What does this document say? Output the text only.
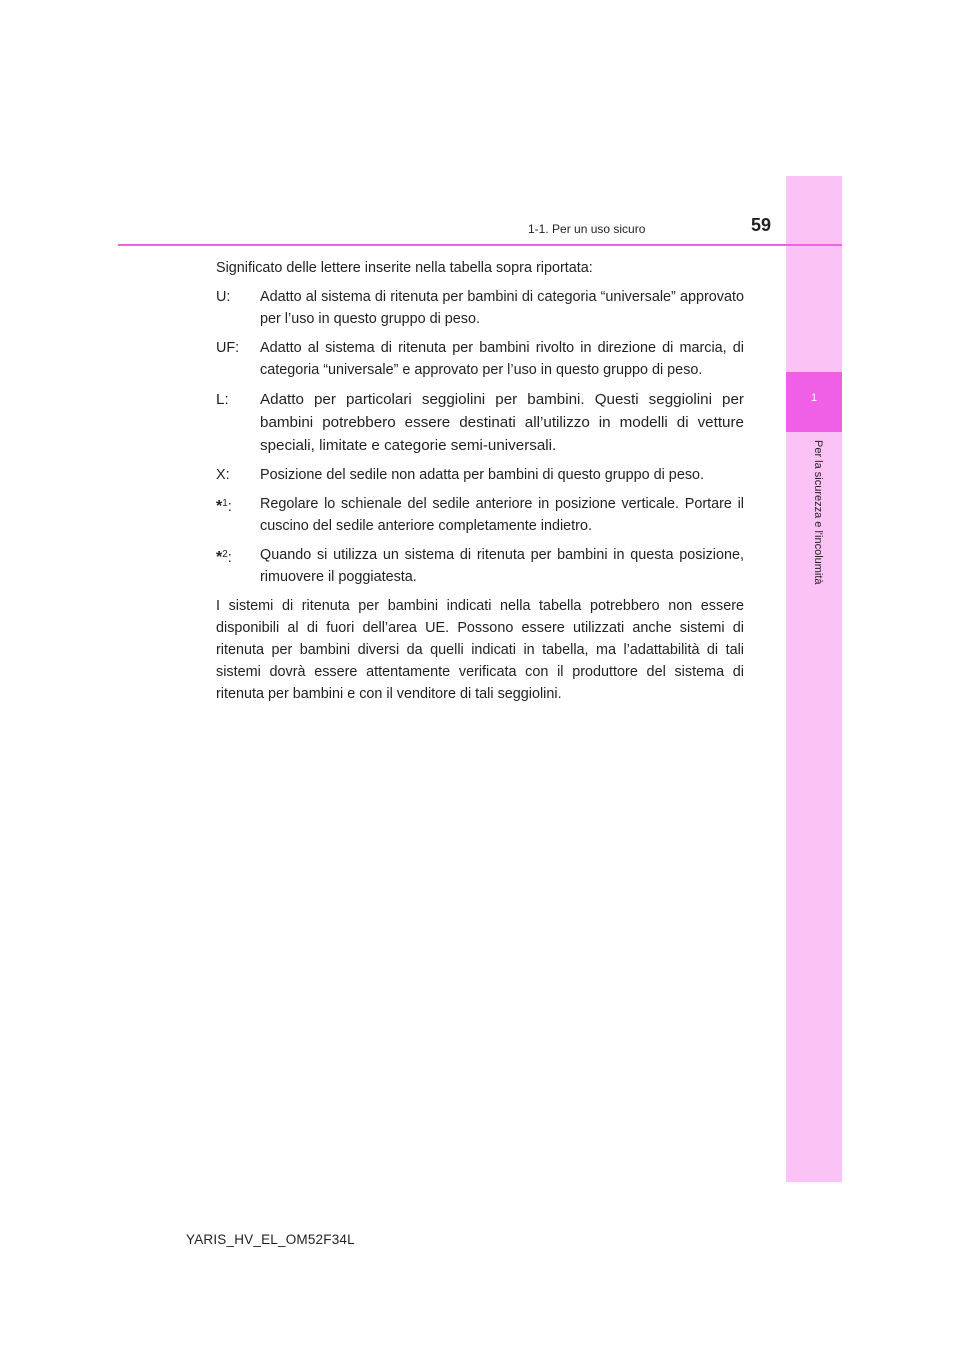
1
Per la sicurezza e l'incolumità
1-1. Per un uso sicuro	59

Significato delle lettere inserite nella tabella sopra riportata:

U: Adatto al sistema di ritenuta per bambini di categoria “universale” approvato per l’uso in questo gruppo di peso.

UF: Adatto al sistema di ritenuta per bambini rivolto in direzione di marcia, di categoria “universale” e approvato per l’uso in questo gruppo di peso.

L: Adatto per particolari seggiolini per bambini. Questi seggiolini per bambini potrebbero essere destinati all’utilizzo in modelli di vetture speciali, limitate e categorie semi-universali.

X: Posizione del sedile non adatta per bambini di questo gruppo di peso.

*$^1$: Regolare lo schienale del sedile anteriore in posizione verticale. Portare il cuscino del sedile anteriore completamente indietro.

*$^2$: Quando si utilizza un sistema di ritenuta per bambini in questa posizione, rimuovere il poggiatesta.

I sistemi di ritenuta per bambini indicati nella tabella potrebbero non essere disponibili al di fuori dell’area UE. Possono essere utilizzati anche sistemi di ritenuta per bambini diversi da quelli indicati in tabella, ma l’adattabilità di tali sistemi dovrà essere attentamente verificata con il produttore del sistema di ritenuta per bambini e con il venditore di tali seggiolini.

YARIS_HV_EL_OM52F34L
